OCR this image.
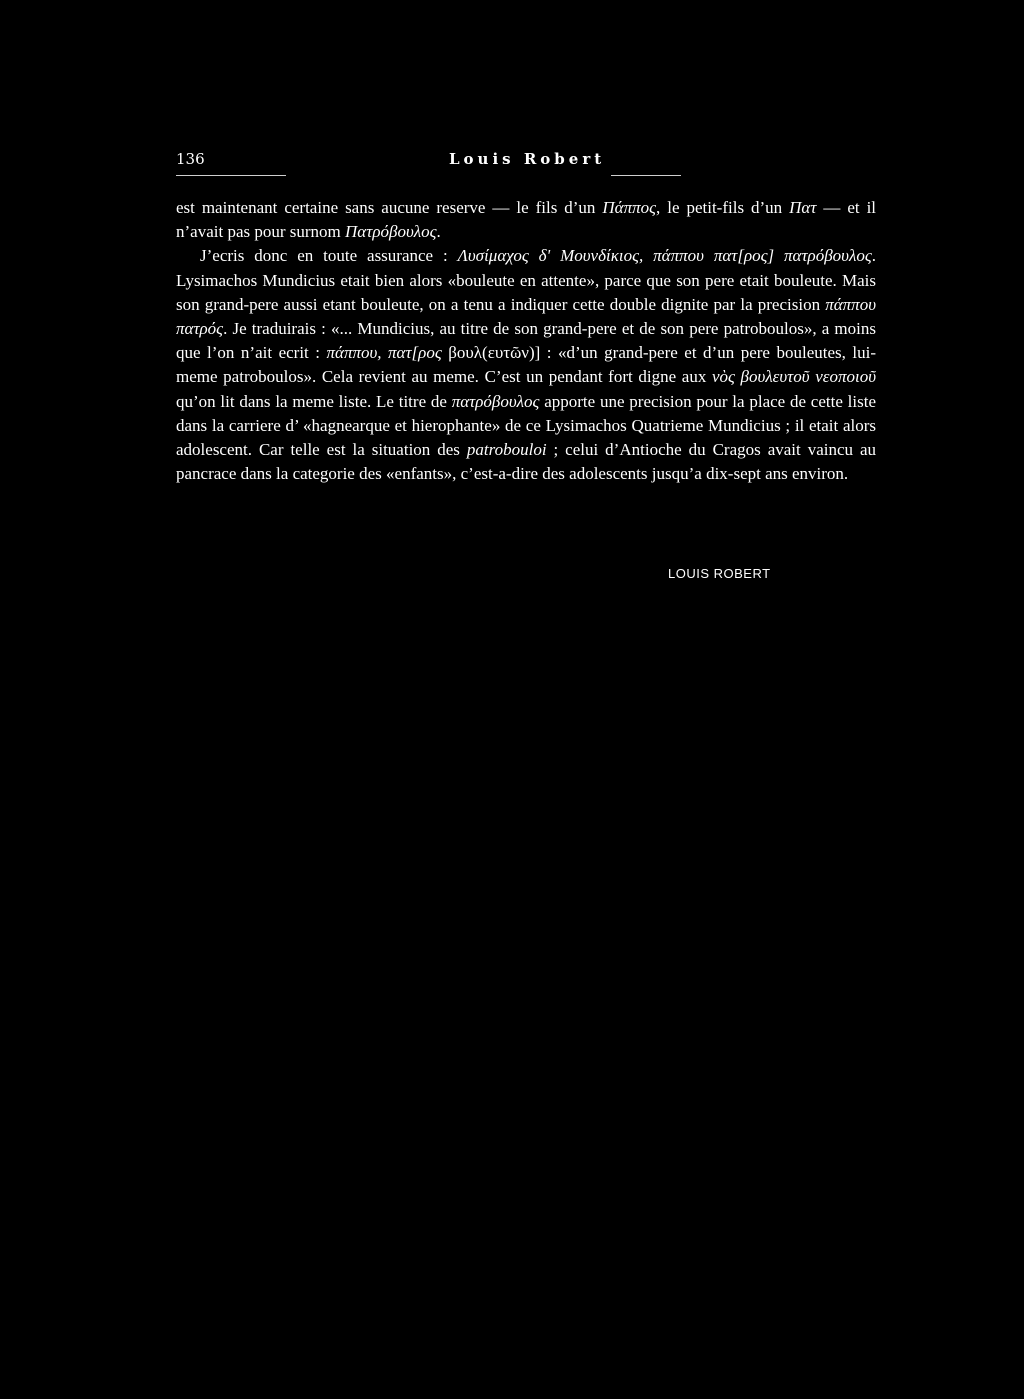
136	Louis Robert

est maintenant certaine sans aucune reserve — le fils d’un Πάππος, le petit-fils d’un Πατ — et il n’avait pas pour surnom Πατρόβουλος.

J’ecris donc en toute assurance : Λυσίμαχος δ' Μουνδίκιος, πάππου πατ[ρος] πατρόβουλος. Lysimachos Mundicius etait bien alors «bouleute en attente», parce que son pere etait bouleute. Mais son grand-pere aussi etant bouleute, on a tenu a indiquer cette double dignite par la precision πάππου πατρός. Je traduirais : «... Mundicius, au titre de son grand-pere et de son pere patroboulos», a moins que l’on n’ait ecrit : πάππου, πατ[ρος βουλ(ευτῶν)] : «d’un grand-pere et d’un pere bouleutes, lui-meme patroboulos». Cela revient au meme. C’est un pendant fort digne aux νὸς βουλευτοῦ νεοποιοῦ qu’on lit dans la meme liste. Le titre de πατρόβουλος apporte une precision pour la place de cette liste dans la carriere d’ «hagnearque et hierophante» de ce Lysimachos Quatrieme Mundicius ; il etait alors adolescent. Car telle est la situation des patrobouloi ; celui d’Antioche du Cragos avait vaincu au pancrace dans la categorie des «enfants», c’est-a-dire des adolescents jusqu’a dix-sept ans environ.

LOUIS ROBERT
